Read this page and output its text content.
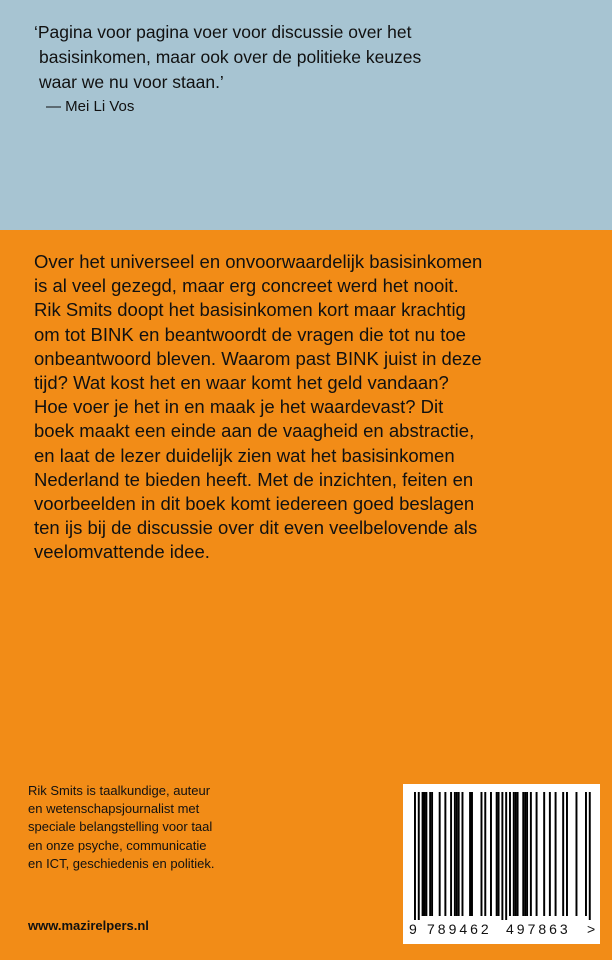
‘Pagina voor pagina voer voor discussie over het
basisinkomen, maar ook over de politieke keuzes
waar we nu voor staan.’

— Mei Li Vos

Over het universeel en onvoorwaardelijk basisinkomen
is al veel gezegd, maar erg concreet werd het nooit.
Rik Smits doopt het basisinkomen kort maar krachtig
om tot BINK en beantwoordt de vragen die tot nu toe
onbeantwoord bleven. Waarom past BINK juist in deze
tijd? Wat kost het en waar komt het geld vandaan?
Hoe voer je het in en maak je het waardevast? Dit
boek maakt een einde aan de vaagheid en abstractie,
en laat de lezer duidelijk zien wat het basisinkomen
Nederland te bieden heeft. Met de inzichten, feiten en
voorbeelden in dit boek komt iedereen goed beslagen
ten ijs bij de discussie over dit even veelbelovende als
veelomvattende idee.

Rik Smits is taalkundige, auteur
en wetenschapsjournalist met
speciale belangstelling voor taal
en onze psyche, communicatie
en ICT, geschiedenis en politiek.

www.mazirelpers.nl	9 789462 497863 >
